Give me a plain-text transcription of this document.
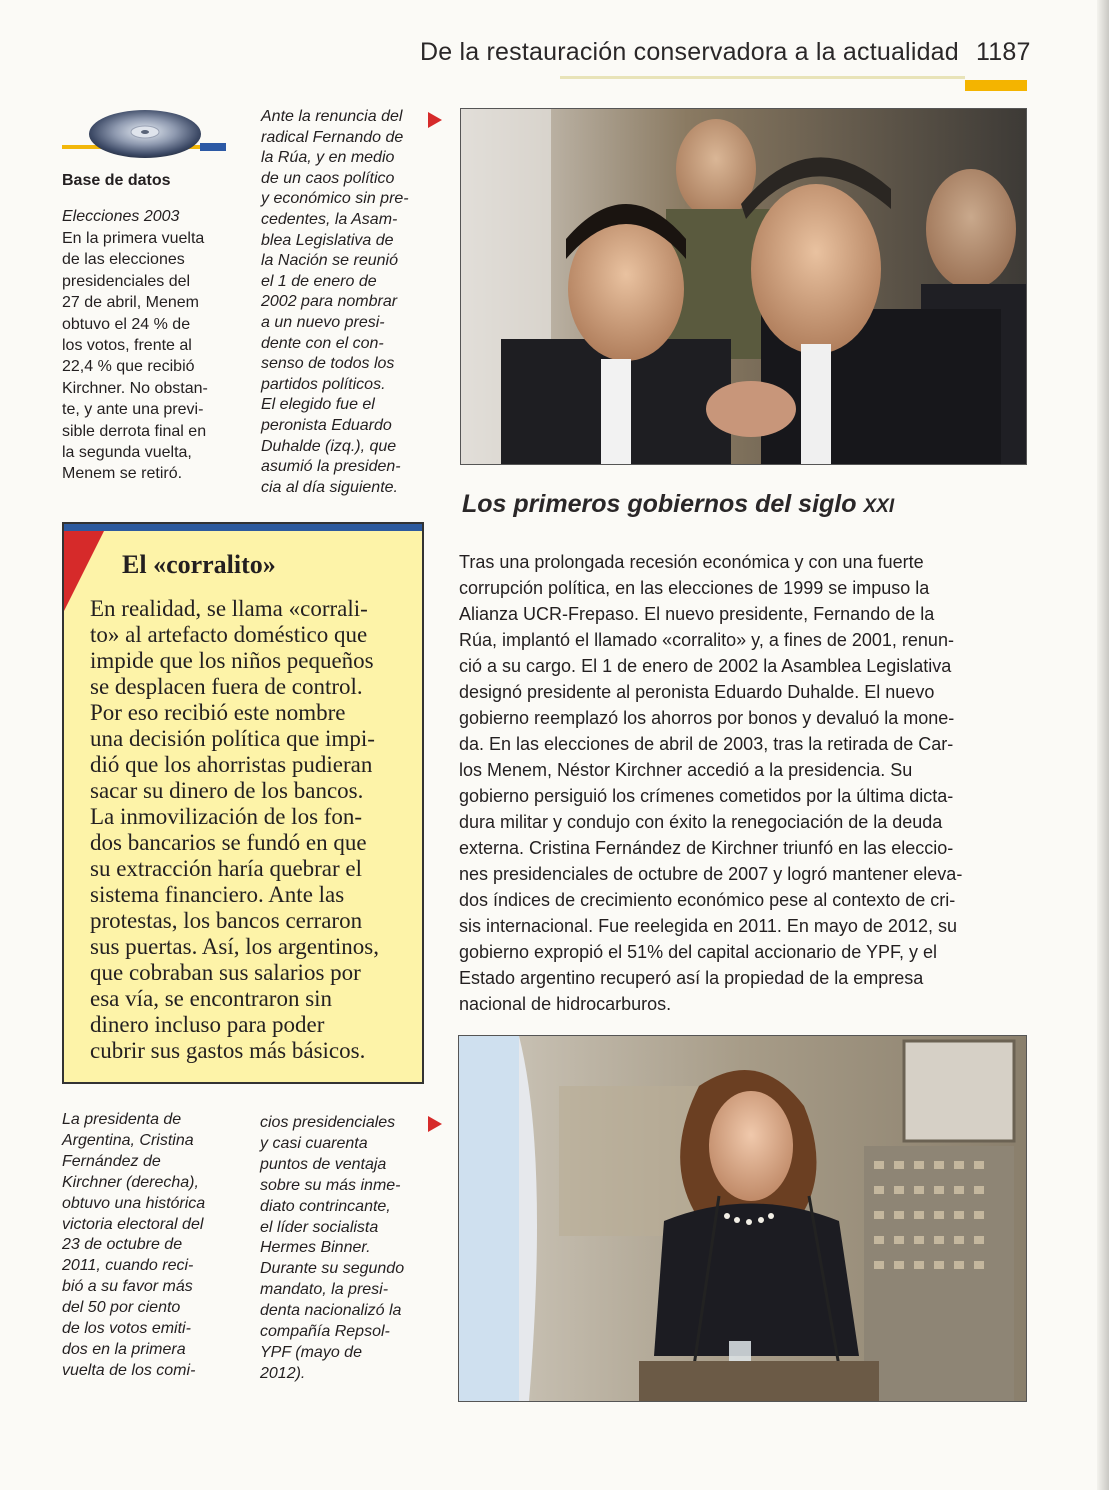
De la restauración conservadora a la actualidad 1187
Base de datos
Elecciones 2003
En la primera vuelta
de las elecciones
presidenciales del
27 de abril, Menem
obtuvo el 24 % de
los votos, frente al
22,4 % que recibió
Kirchner. No obstan-
te, y ante una previ-
sible derrota final en
la segunda vuelta,
Menem se retiró.
Ante la renuncia del
radical Fernando de
la Rúa, y en medio
de un caos político
y económico sin pre-
cedentes, la Asam-
blea Legislativa de
la Nación se reunió
el 1 de enero de
2002 para nombrar
a un nuevo presi-
dente con el con-
senso de todos los
partidos políticos.
El elegido fue el
peronista Eduardo
Duhalde (izq.), que
asumió la presiden-
cia al día siguiente.
Los primeros gobiernos del siglo XXI
Tras una prolongada recesión económica y con una fuerte
corrupción política, en las elecciones de 1999 se impuso la
Alianza UCR-Frepaso. El nuevo presidente, Fernando de la
Rúa, implantó el llamado «corralito» y, a fines de 2001, renun-
ció a su cargo. El 1 de enero de 2002 la Asamblea Legislativa
designó presidente al peronista Eduardo Duhalde. El nuevo
gobierno reemplazó los ahorros por bonos y devaluó la mone-
da. En las elecciones de abril de 2003, tras la retirada de Car-
los Menem, Néstor Kirchner accedió a la presidencia. Su
gobierno persiguió los crímenes cometidos por la última dicta-
dura militar y condujo con éxito la renegociación de la deuda
externa. Cristina Fernández de Kirchner triunfó en las eleccio-
nes presidenciales de octubre de 2007 y logró mantener eleva-
dos índices de crecimiento económico pese al contexto de cri-
sis internacional. Fue reelegida en 2011. En mayo de 2012, su
gobierno expropió el 51% del capital accionario de YPF, y el
Estado argentino recuperó así la propiedad de la empresa
nacional de hidrocarburos.
El «corralito»
En realidad, se llama «corrali-
to» al artefacto doméstico que
impide que los niños pequeños
se desplacen fuera de control.
Por eso recibió este nombre
una decisión política que impi-
dió que los ahorristas pudieran
sacar su dinero de los bancos.
La inmovilización de los fon-
dos bancarios se fundó en que
su extracción haría quebrar el
sistema financiero. Ante las
protestas, los bancos cerraron
sus puertas. Así, los argentinos,
que cobraban sus salarios por
esa vía, se encontraron sin
dinero incluso para poder
cubrir sus gastos más básicos.
La presidenta de
Argentina, Cristina
Fernández de
Kirchner (derecha),
obtuvo una histórica
victoria electoral del
23 de octubre de
2011, cuando reci-
bió a su favor más
del 50 por ciento
de los votos emiti-
dos en la primera
vuelta de los comi-
cios presidenciales
y casi cuarenta
puntos de ventaja
sobre su más inme-
diato contrincante,
el líder socialista
Hermes Binner.
Durante su segundo
mandato, la presi-
denta nacionalizó la
compañía Repsol-
YPF (mayo de
2012).
